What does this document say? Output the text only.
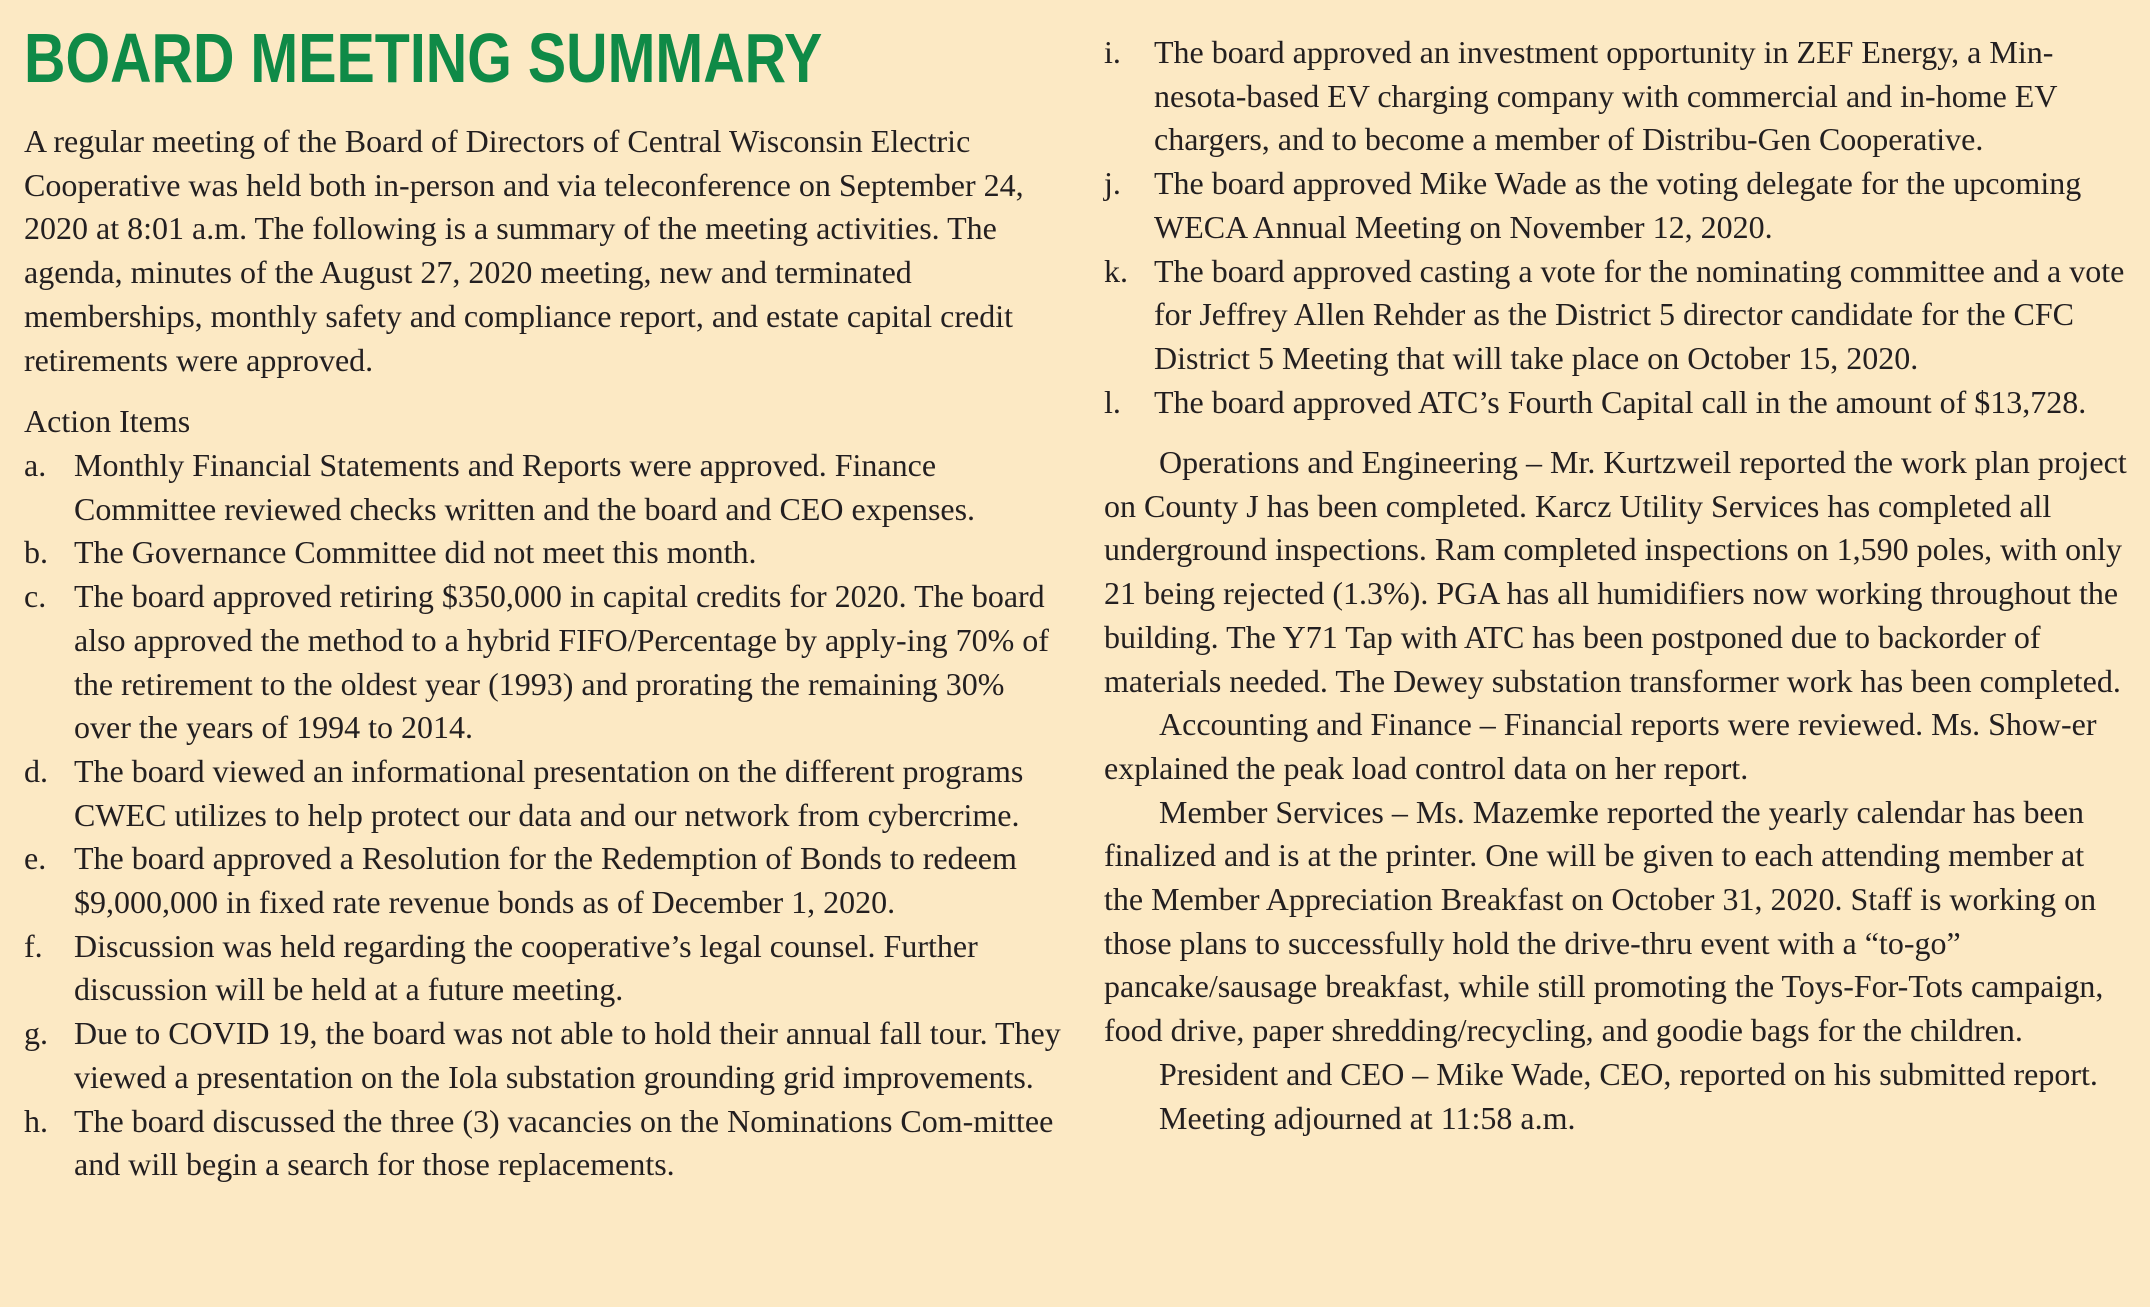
BOARD MEETING SUMMARY

A regular meeting of the Board of Directors of Central Wisconsin Electric Cooperative was held both in-person and via teleconference on September 24, 2020 at 8:01 a.m. The following is a summary of the meeting activities. The agenda, minutes of the August 27, 2020 meeting, new and terminated memberships, monthly safety and compliance report, and estate capital credit retirements were approved.

Action Items

a. Monthly Financial Statements and Reports were approved. Finance Committee reviewed checks written and the board and CEO expenses.
b. The Governance Committee did not meet this month.
c. The board approved retiring $350,000 in capital credits for 2020. The board also approved the method to a hybrid FIFO/Percentage by apply-ing 70% of the retirement to the oldest year (1993) and prorating the remaining 30% over the years of 1994 to 2014.
d. The board viewed an informational presentation on the different programs CWEC utilizes to help protect our data and our network from cybercrime.
e. The board approved a Resolution for the Redemption of Bonds to redeem $9,000,000 in fixed rate revenue bonds as of December 1, 2020.
f. Discussion was held regarding the cooperative’s legal counsel. Further discussion will be held at a future meeting.
g. Due to COVID 19, the board was not able to hold their annual fall tour. They viewed a presentation on the Iola substation grounding grid improvements.
h. The board discussed the three (3) vacancies on the Nominations Com-mittee and will begin a search for those replacements.
i.	The board approved an investment opportunity in ZEF Energy, a Min-nesota-based EV charging company with commercial and in-home EV chargers, and to become a member of Distribu-Gen Cooperative.
j.	The board approved Mike Wade as the voting delegate for the upcoming WECA Annual Meeting on November 12, 2020.
k. The board approved casting a vote for the nominating committee and a vote for Jeffrey Allen Rehder as the District 5 director candidate for the CFC District 5 Meeting that will take place on October 15, 2020.
l.	The board approved ATC’s Fourth Capital call in the amount of $13,728.

Operations and Engineering – Mr. Kurtzweil reported the work plan project on County J has been completed. Karcz Utility Services has completed all underground inspections. Ram completed inspections on 1,590 poles, with only 21 being rejected (1.3%). PGA has all humidifiers now working throughout the building. The Y71 Tap with ATC has been postponed due to backorder of materials needed. The Dewey substation transformer work has been completed.

Accounting and Finance – Financial reports were reviewed. Ms. Show-er explained the peak load control data on her report.

Member Services – Ms. Mazemke reported the yearly calendar has been finalized and is at the printer. One will be given to each attending member at the Member Appreciation Breakfast on October 31, 2020. Staff is working on those plans to successfully hold the drive-thru event with a “to-go” pancake/sausage breakfast, while still promoting the Toys-For-Tots campaign, food drive, paper shredding/recycling, and goodie bags for the children.

President and CEO – Mike Wade, CEO, reported on his submitted report.

Meeting adjourned at 11:58 a.m.
